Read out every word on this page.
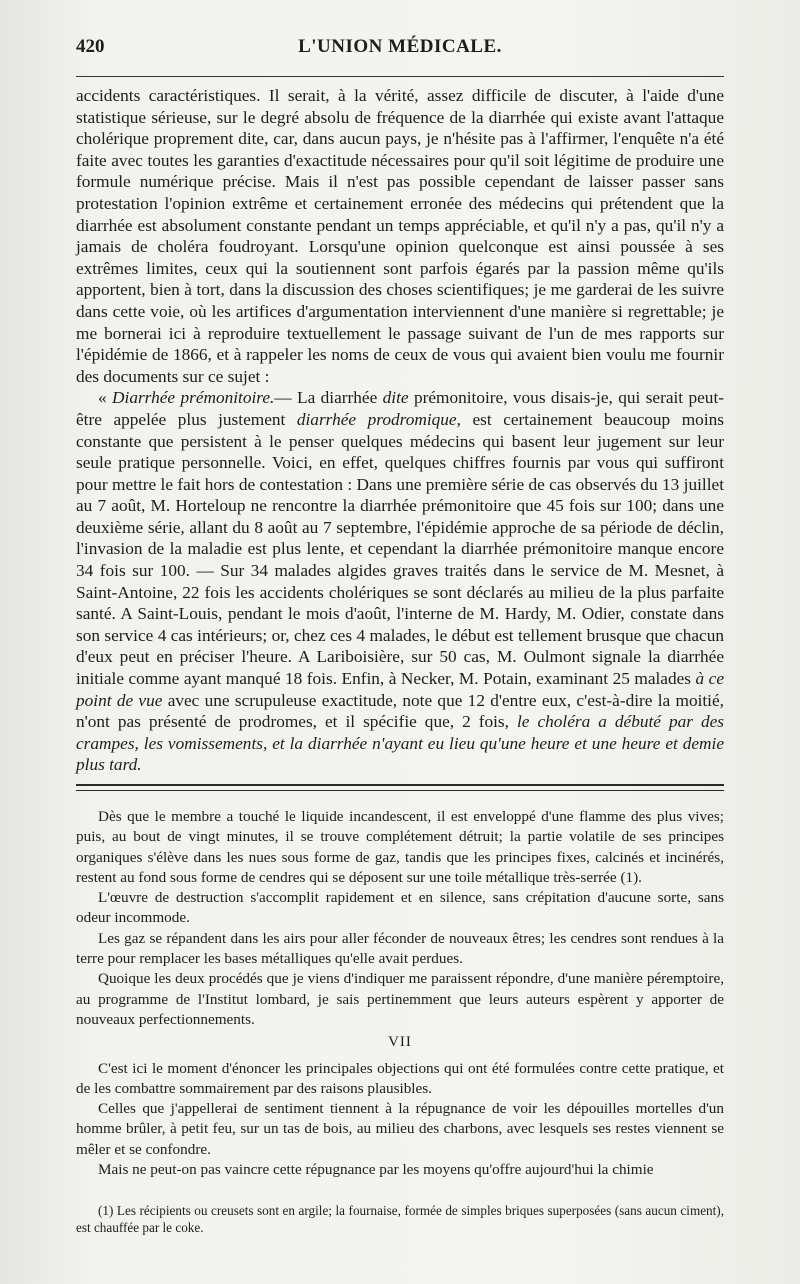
420	L'UNION MÉDICALE.

accidents caractéristiques. Il serait, à la vérité, assez difficile de discuter, à l'aide d'une statistique sérieuse, sur le degré absolu de fréquence de la diarrhée qui existe avant l'attaque cholérique proprement dite, car, dans aucun pays, je n'hésite pas à l'affirmer, l'enquête n'a été faite avec toutes les garanties d'exactitude nécessaires pour qu'il soit légitime de produire une formule numérique précise. Mais il n'est pas possible cependant de laisser passer sans protestation l'opinion extrême et certainement erronée des médecins qui prétendent que la diarrhée est absolument constante pendant un temps appréciable, et qu'il n'y a pas, qu'il n'y a jamais de choléra foudroyant. Lorsqu'une opinion quelconque est ainsi poussée à ses extrêmes limites, ceux qui la soutiennent sont parfois égarés par la passion même qu'ils apportent, bien à tort, dans la discussion des choses scientifiques; je me garderai de les suivre dans cette voie, où les artifices d'argumentation interviennent d'une manière si regrettable; je me bornerai ici à reproduire textuellement le passage suivant de l'un de mes rapports sur l'épidémie de 1866, et à rappeler les noms de ceux de vous qui avaient bien voulu me fournir des documents sur ce sujet :

« Diarrhée prémonitoire.— La diarrhée dite prémonitoire, vous disais-je, qui serait peut-être appelée plus justement diarrhée prodromique, est certainement beaucoup moins constante que persistent à le penser quelques médecins qui basent leur jugement sur leur seule pratique personnelle. Voici, en effet, quelques chiffres fournis par vous qui suffiront pour mettre le fait hors de contestation : Dans une première série de cas observés du 13 juillet au 7 août, M. Horteloup ne rencontre la diarrhée prémonitoire que 45 fois sur 100; dans une deuxième série, allant du 8 août au 7 septembre, l'épidémie approche de sa période de déclin, l'invasion de la maladie est plus lente, et cependant la diarrhée prémonitoire manque encore 34 fois sur 100. — Sur 34 malades algides graves traités dans le service de M. Mesnet, à Saint-Antoine, 22 fois les accidents cholériques se sont déclarés au milieu de la plus parfaite santé. A Saint-Louis, pendant le mois d'août, l'interne de M. Hardy, M. Odier, constate dans son service 4 cas intérieurs; or, chez ces 4 malades, le début est tellement brusque que chacun d'eux peut en préciser l'heure. A Lariboisière, sur 50 cas, M. Oulmont signale la diarrhée initiale comme ayant manqué 18 fois. Enfin, à Necker, M. Potain, examinant 25 malades à ce point de vue avec une scrupuleuse exactitude, note que 12 d'entre eux, c'est-à-dire la moitié, n'ont pas présenté de prodromes, et il spécifie que, 2 fois, le choléra a débuté par des crampes, les vomissements, et la diarrhée n'ayant eu lieu qu'une heure et une heure et demie plus tard.

Dès que le membre a touché le liquide incandescent, il est enveloppé d'une flamme des plus vives; puis, au bout de vingt minutes, il se trouve complétement détruit; la partie volatile de ses principes organiques s'élève dans les nues sous forme de gaz, tandis que les principes fixes, calcinés et incinérés, restent au fond sous forme de cendres qui se déposent sur une toile métallique très-serrée (1).

L'œuvre de destruction s'accomplit rapidement et en silence, sans crépitation d'aucune sorte, sans odeur incommode.

Les gaz se répandent dans les airs pour aller féconder de nouveaux êtres; les cendres sont rendues à la terre pour remplacer les bases métalliques qu'elle avait perdues.

Quoique les deux procédés que je viens d'indiquer me paraissent répondre, d'une manière péremptoire, au programme de l'Institut lombard, je sais pertinemment que leurs auteurs espèrent y apporter de nouveaux perfectionnements.

VII

C'est ici le moment d'énoncer les principales objections qui ont été formulées contre cette pratique, et de les combattre sommairement par des raisons plausibles.

Celles que j'appellerai de sentiment tiennent à la répugnance de voir les dépouilles mortelles d'un homme brûler, à petit feu, sur un tas de bois, au milieu des charbons, avec lesquels ses restes viennent se mêler et se confondre.

Mais ne peut-on pas vaincre cette répugnance par les moyens qu'offre aujourd'hui la chimie

(1) Les récipients ou creusets sont en argile; la fournaise, formée de simples briques superposées (sans aucun ciment), est chauffée par le coke.
